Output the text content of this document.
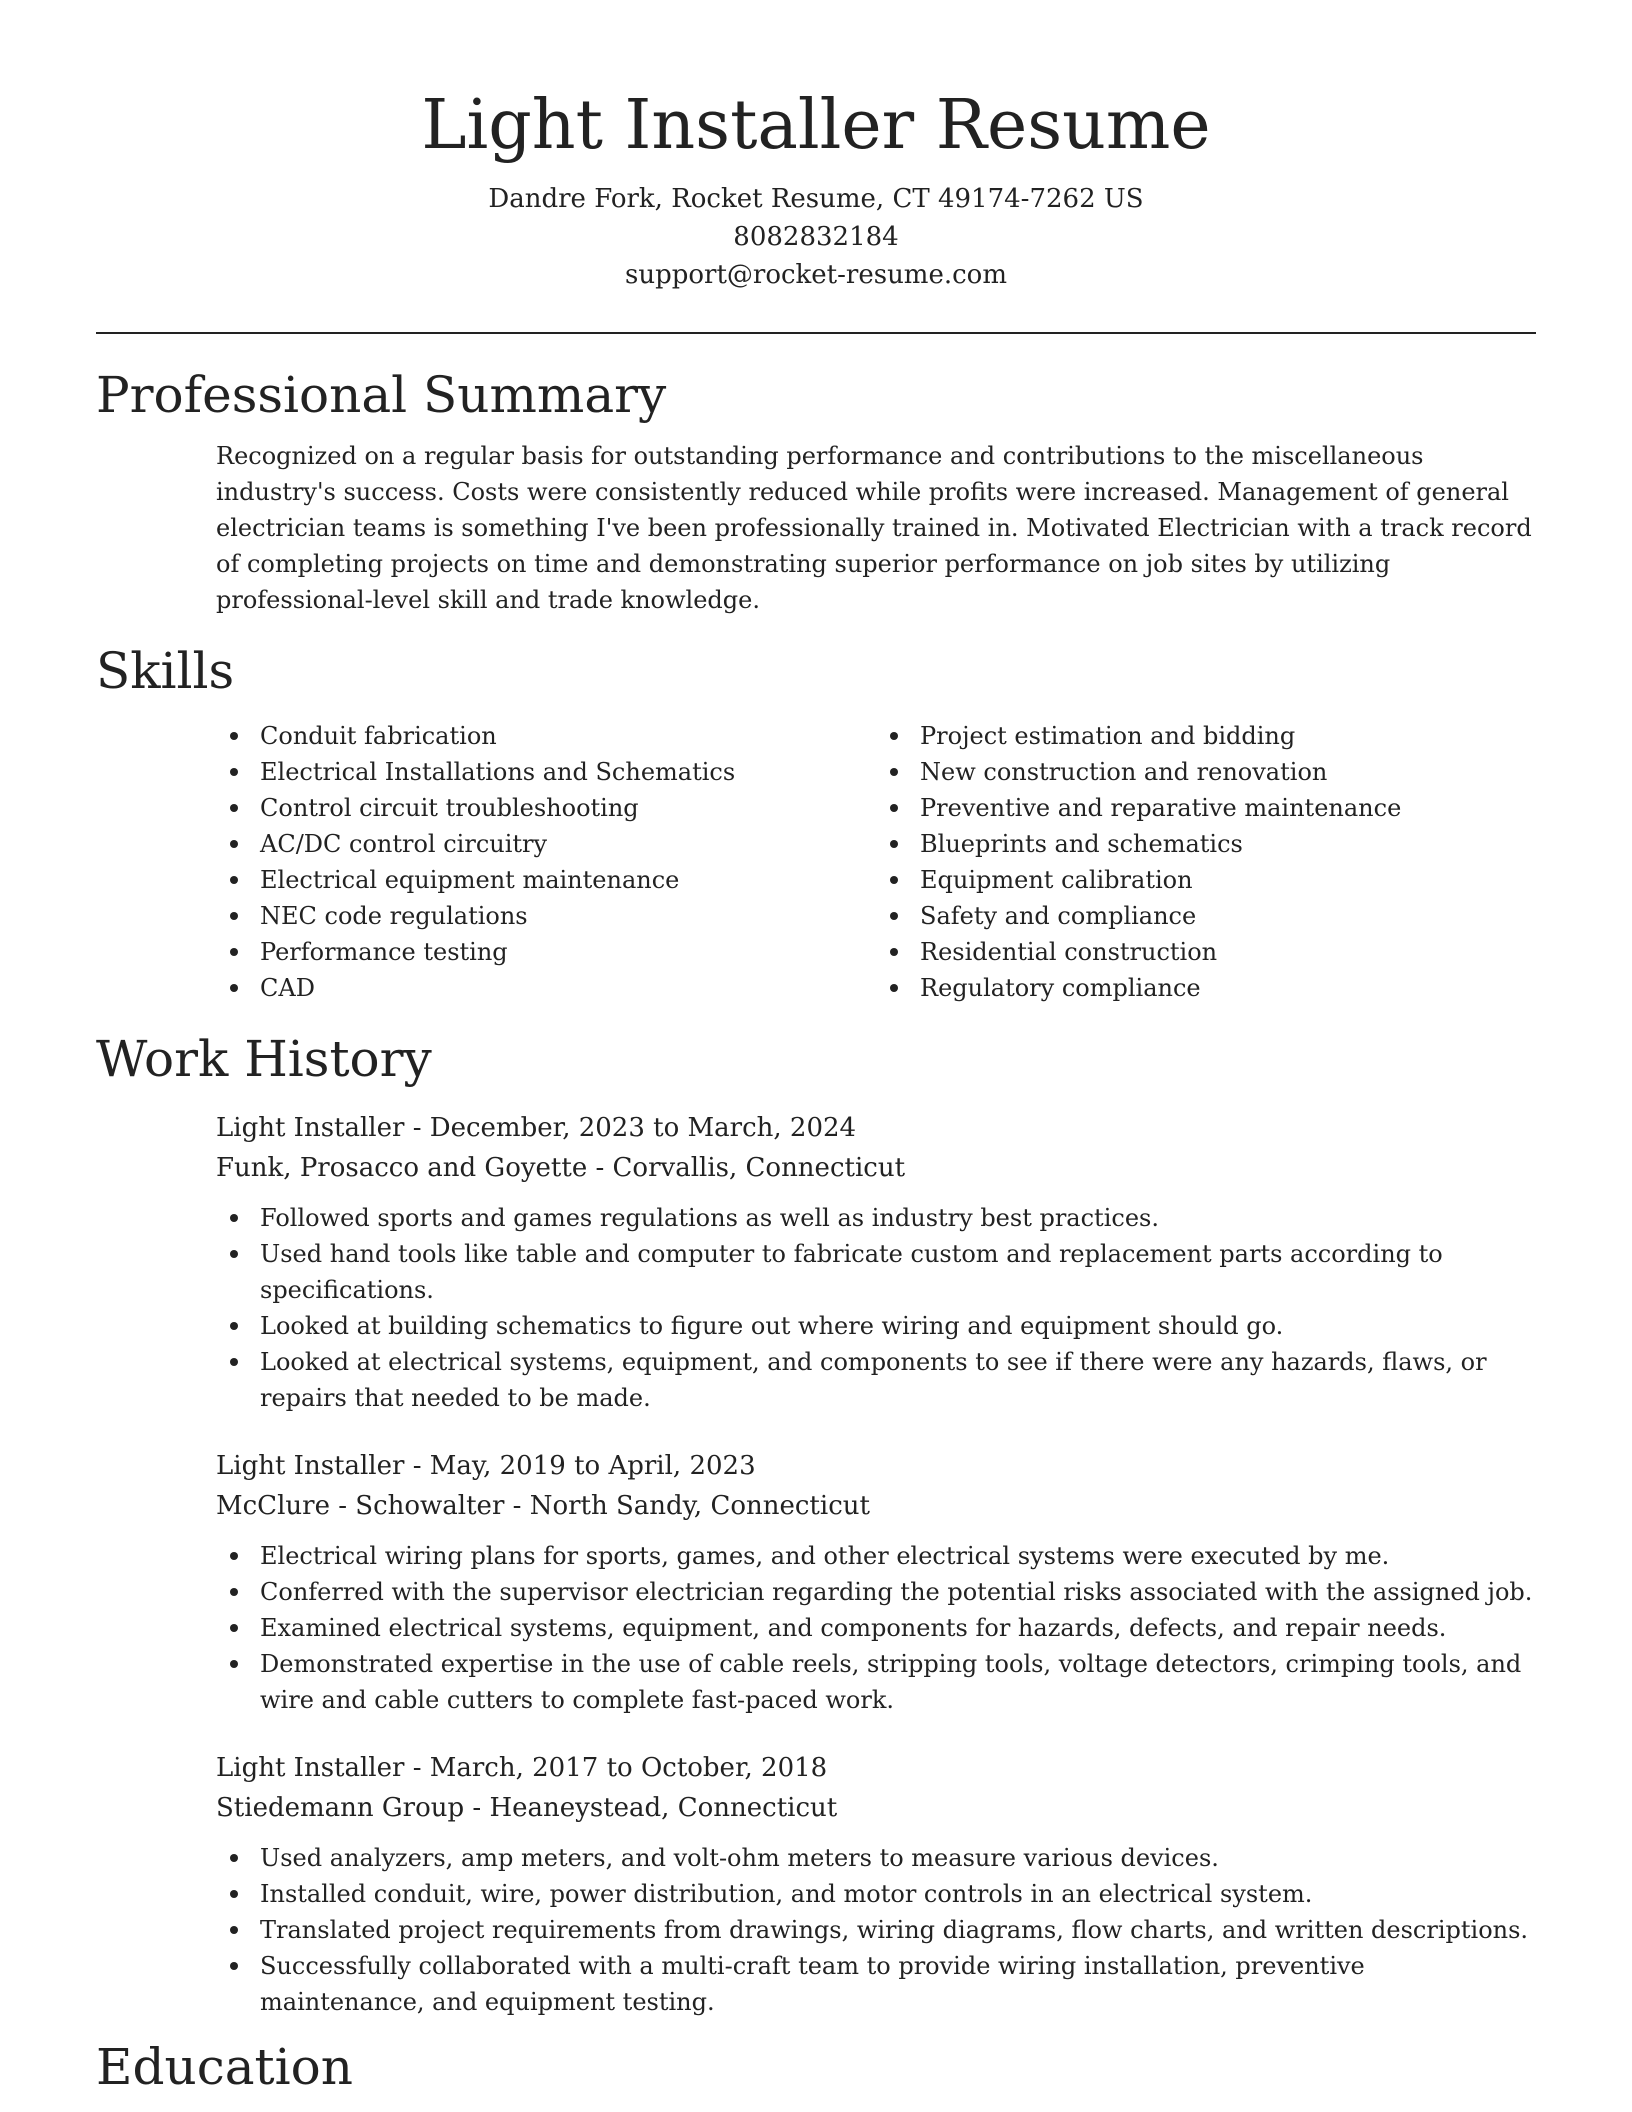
Light Installer Resume
Dandre Fork, Rocket Resume, CT 49174-7262 US
8082832184
support@rocket-resume.com
Professional Summary

Recognized on a regular basis for outstanding performance and contributions to the miscellaneous industry's success. Costs were consistently reduced while profits were increased. Management of general electrician teams is something I've been professionally trained in. Motivated Electrician with a track record of completing projects on time and demonstrating superior performance on job sites by utilizing professional-level skill and trade knowledge.

Skills
Conduit fabrication
Electrical Installations and Schematics
Control circuit troubleshooting
AC/DC control circuitry
Electrical equipment maintenance
NEC code regulations
Performance testing
CAD
Project estimation and bidding
New construction and renovation
Preventive and reparative maintenance
Blueprints and schematics
Equipment calibration
Safety and compliance
Residential construction
Regulatory compliance
Work History
Light Installer - December, 2023 to March, 2024
Funk, Prosacco and Goyette - Corvallis, Connecticut
Followed sports and games regulations as well as industry best practices.
Used hand tools like table and computer to fabricate custom and replacement parts according to specifications.
Looked at building schematics to figure out where wiring and equipment should go.
Looked at electrical systems, equipment, and components to see if there were any hazards, flaws, or repairs that needed to be made.
Light Installer - May, 2019 to April, 2023
McClure - Schowalter - North Sandy, Connecticut
Electrical wiring plans for sports, games, and other electrical systems were executed by me.
Conferred with the supervisor electrician regarding the potential risks associated with the assigned job.
Examined electrical systems, equipment, and components for hazards, defects, and repair needs.
Demonstrated expertise in the use of cable reels, stripping tools, voltage detectors, crimping tools, and wire and cable cutters to complete fast-paced work.
Light Installer - March, 2017 to October, 2018
Stiedemann Group - Heaneystead, Connecticut
Used analyzers, amp meters, and volt-ohm meters to measure various devices.
Installed conduit, wire, power distribution, and motor controls in an electrical system.
Translated project requirements from drawings, wiring diagrams, flow charts, and written descriptions.
Successfully collaborated with a multi-craft team to provide wiring installation, preventive maintenance, and equipment testing.
Education
